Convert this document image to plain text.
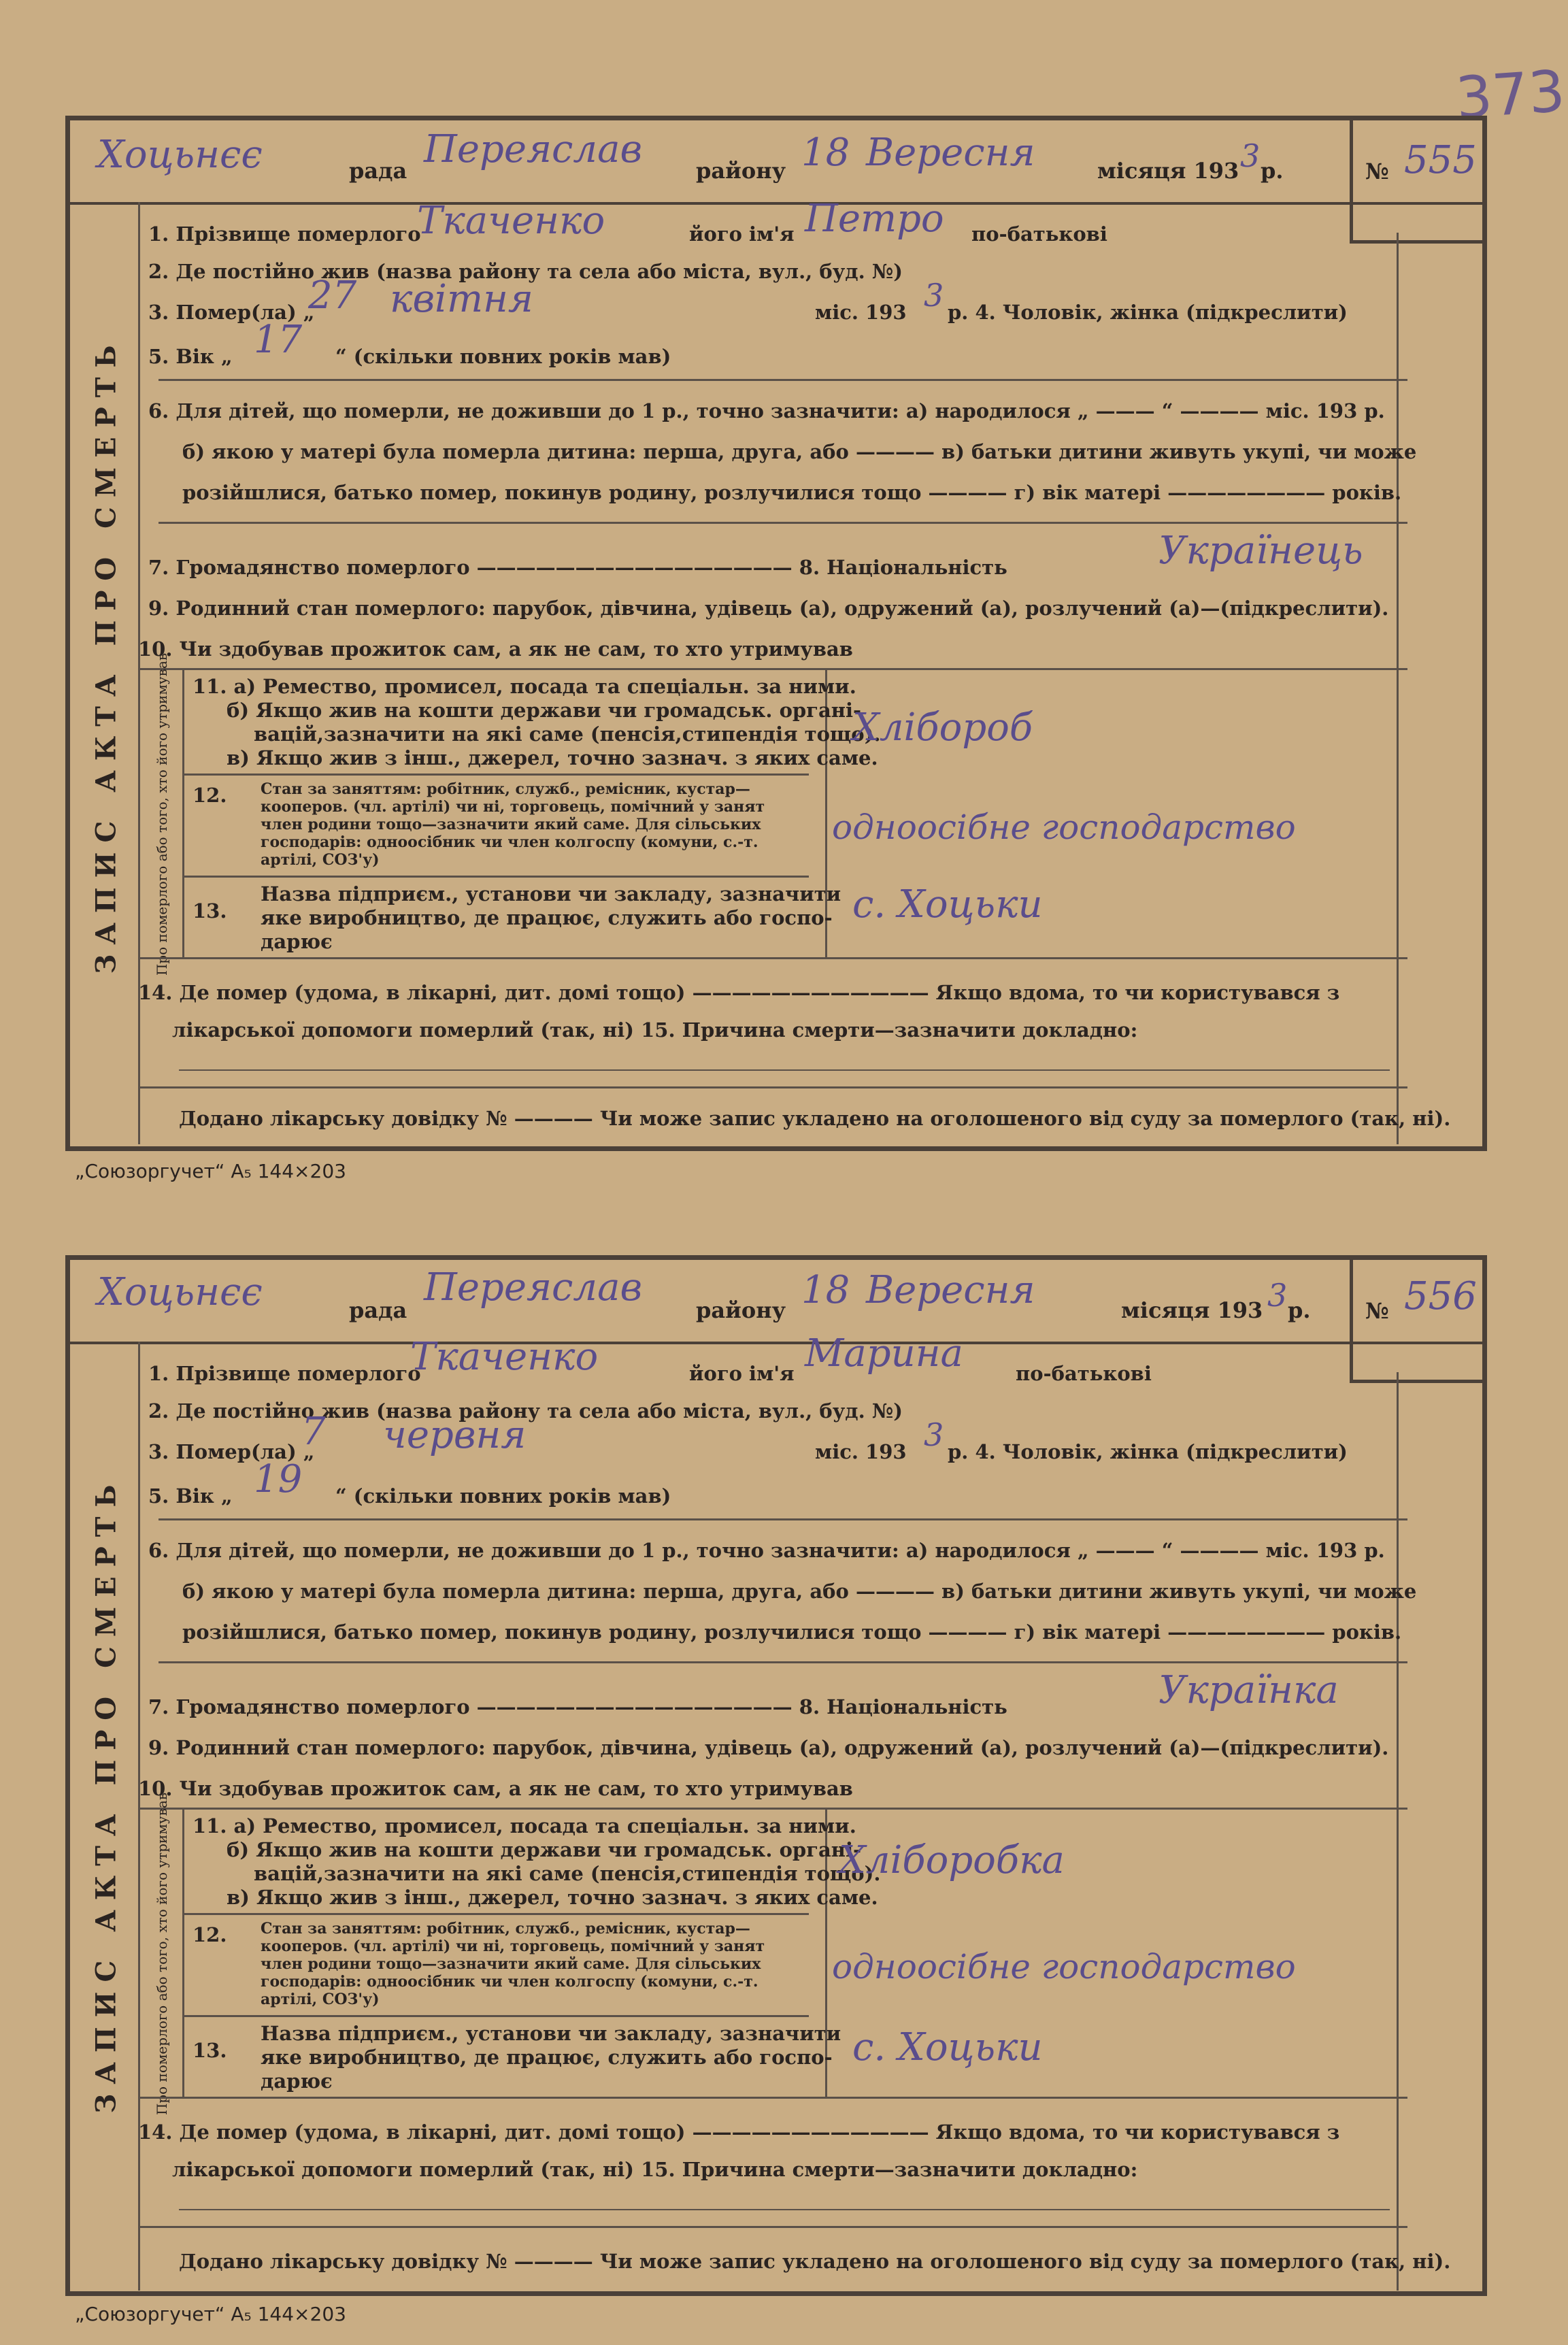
373
Хоцьнєє	рада Переяслав району 18 Вересня	місяця 193 3 р.	№ 555
ЗАПИС АКТА ПРО СМЕРТЬ
1. Прізвище померлого
Ткаченко	його ім'я Петро по-батькові
2. Де постійно жив (назва району та села або міста, вул., буд. №)
3. Помер(ла) „
27 квітня	міс. 193 3 р. 4. Чоловік, жінка (підкреслити)
5. Вік „ 17 “ (скільки повних років мав)
6. Для дітей, що померли, не доживши до 1 р., точно зазначити: а) народилося „ ——— “ ———— міс. 193 р.
б) якою у матері була померла дитина: перша, друга, або ———— в) батьки дитини живуть укупі, чи може
розійшлися, батько помер, покинув родину, розлучилися тощо ———— г) вік матері ———————— років.
7. Громадянство померлого ———————————————— 8. Національність	Українець
9. Родинний стан померлого: парубок, дівчина, удівець (а), одружений (а), розлучений (а)—(підкреслити).
10. Чи здобував прожиток сам, а як не сам, то хто утримував
Про померлого або того, хто його утримував 11. а) Ремество, промисел, посада та спеціальн. за ними.
б) Якщо жив на кошти держави чи громадськ. органі-
вацій,зазначити на які саме (пенсія,стипендія тощо).
в) Якщо жив з інш., джерел, точно зазнач. з яких саме.
Хлібороб
12. Стан за заняттям: робітник, служб., ремісник, кустар—
кооперов. (чл. артілі) чи ні, торговець, помічний у занят
член родини тощо—зазначити який саме. Для сільських
господарів: одноосібник чи член колгоспу (комуни, с.-т.
артілі, СОЗ'у)
одноосібне господарство
13.
Назва підприєм., установи чи закладу, зазначити
яке виробництво, де працює, служить або госпо-
дарює
с. Хоцьки
14. Де помер (удома, в лікарні, дит. домі тощо) ———————————— Якщо вдома, то чи користувався з
лікарської допомоги померлий (так, ні) 15. Причина смерти—зазначити докладно:
Додано лікарську довідку № ———— Чи може запис укладено на оголошеного від суду за померлого (так, ні).
„Союзоргучет“ А₅ 144×203
Хоцьнєє	рада
Переяслав
району 18 Вересня	місяця 193 3 р.	№ 556
ЗАПИС АКТА ПРО СМЕРТЬ
1. Прізвище померлого
Ткаченко	його ім'я Марина	по-батькові
2. Де постійно жив (назва району та села або міста, вул., буд. №)
3. Помер(ла) „
7 червня	міс. 193 3 р. 4. Чоловік, жінка (підкреслити)
5. Вік „ 19 “ (скільки повних років мав)
6. Для дітей, що померли, не доживши до 1 р., точно зазначити: а) народилося „ ——— “ ———— міс. 193 р.
б) якою у матері була померла дитина: перша, друга, або ———— в) батьки дитини живуть укупі, чи може
розійшлися, батько помер, покинув родину, розлучилися тощо ———— г) вік матері ———————— років.
7. Громадянство померлого ———————————————— 8. Національність	Українка
9. Родинний стан померлого: парубок, дівчина, удівець (а), одружений (а), розлучений (а)—(підкреслити).
10. Чи здобував прожиток сам, а як не сам, то хто утримував
Про померлого або того, хто його утримував 11. а) Ремество, промисел, посада та спеціальн. за ними.
б) Якщо жив на кошти держави чи громадськ. органі-
вацій,зазначити на які саме (пенсія,стипендія тощо).
в) Якщо жив з інш., джерел, точно зазнач. з яких саме.
Хліборобка
12. Стан за заняттям: робітник, служб., ремісник, кустар—
кооперов. (чл. артілі) чи ні, торговець, помічний у занят
член родини тощо—зазначити який саме. Для сільських
господарів: одноосібник чи член колгоспу (комуни, с.-т.
артілі, СОЗ'у)
одноосібне господарство
13.
Назва підприєм., установи чи закладу, зазначити
яке виробництво, де працює, служить або госпо-
дарює
с. Хоцьки
14. Де помер (удома, в лікарні, дит. домі тощо) ———————————— Якщо вдома, то чи користувався з
лікарської допомоги померлий (так, ні) 15. Причина смерти—зазначити докладно:
Додано лікарську довідку № ———— Чи може запис укладено на оголошеного від суду за померлого (так, ні).
„Союзоргучет“ А₅ 144×203
